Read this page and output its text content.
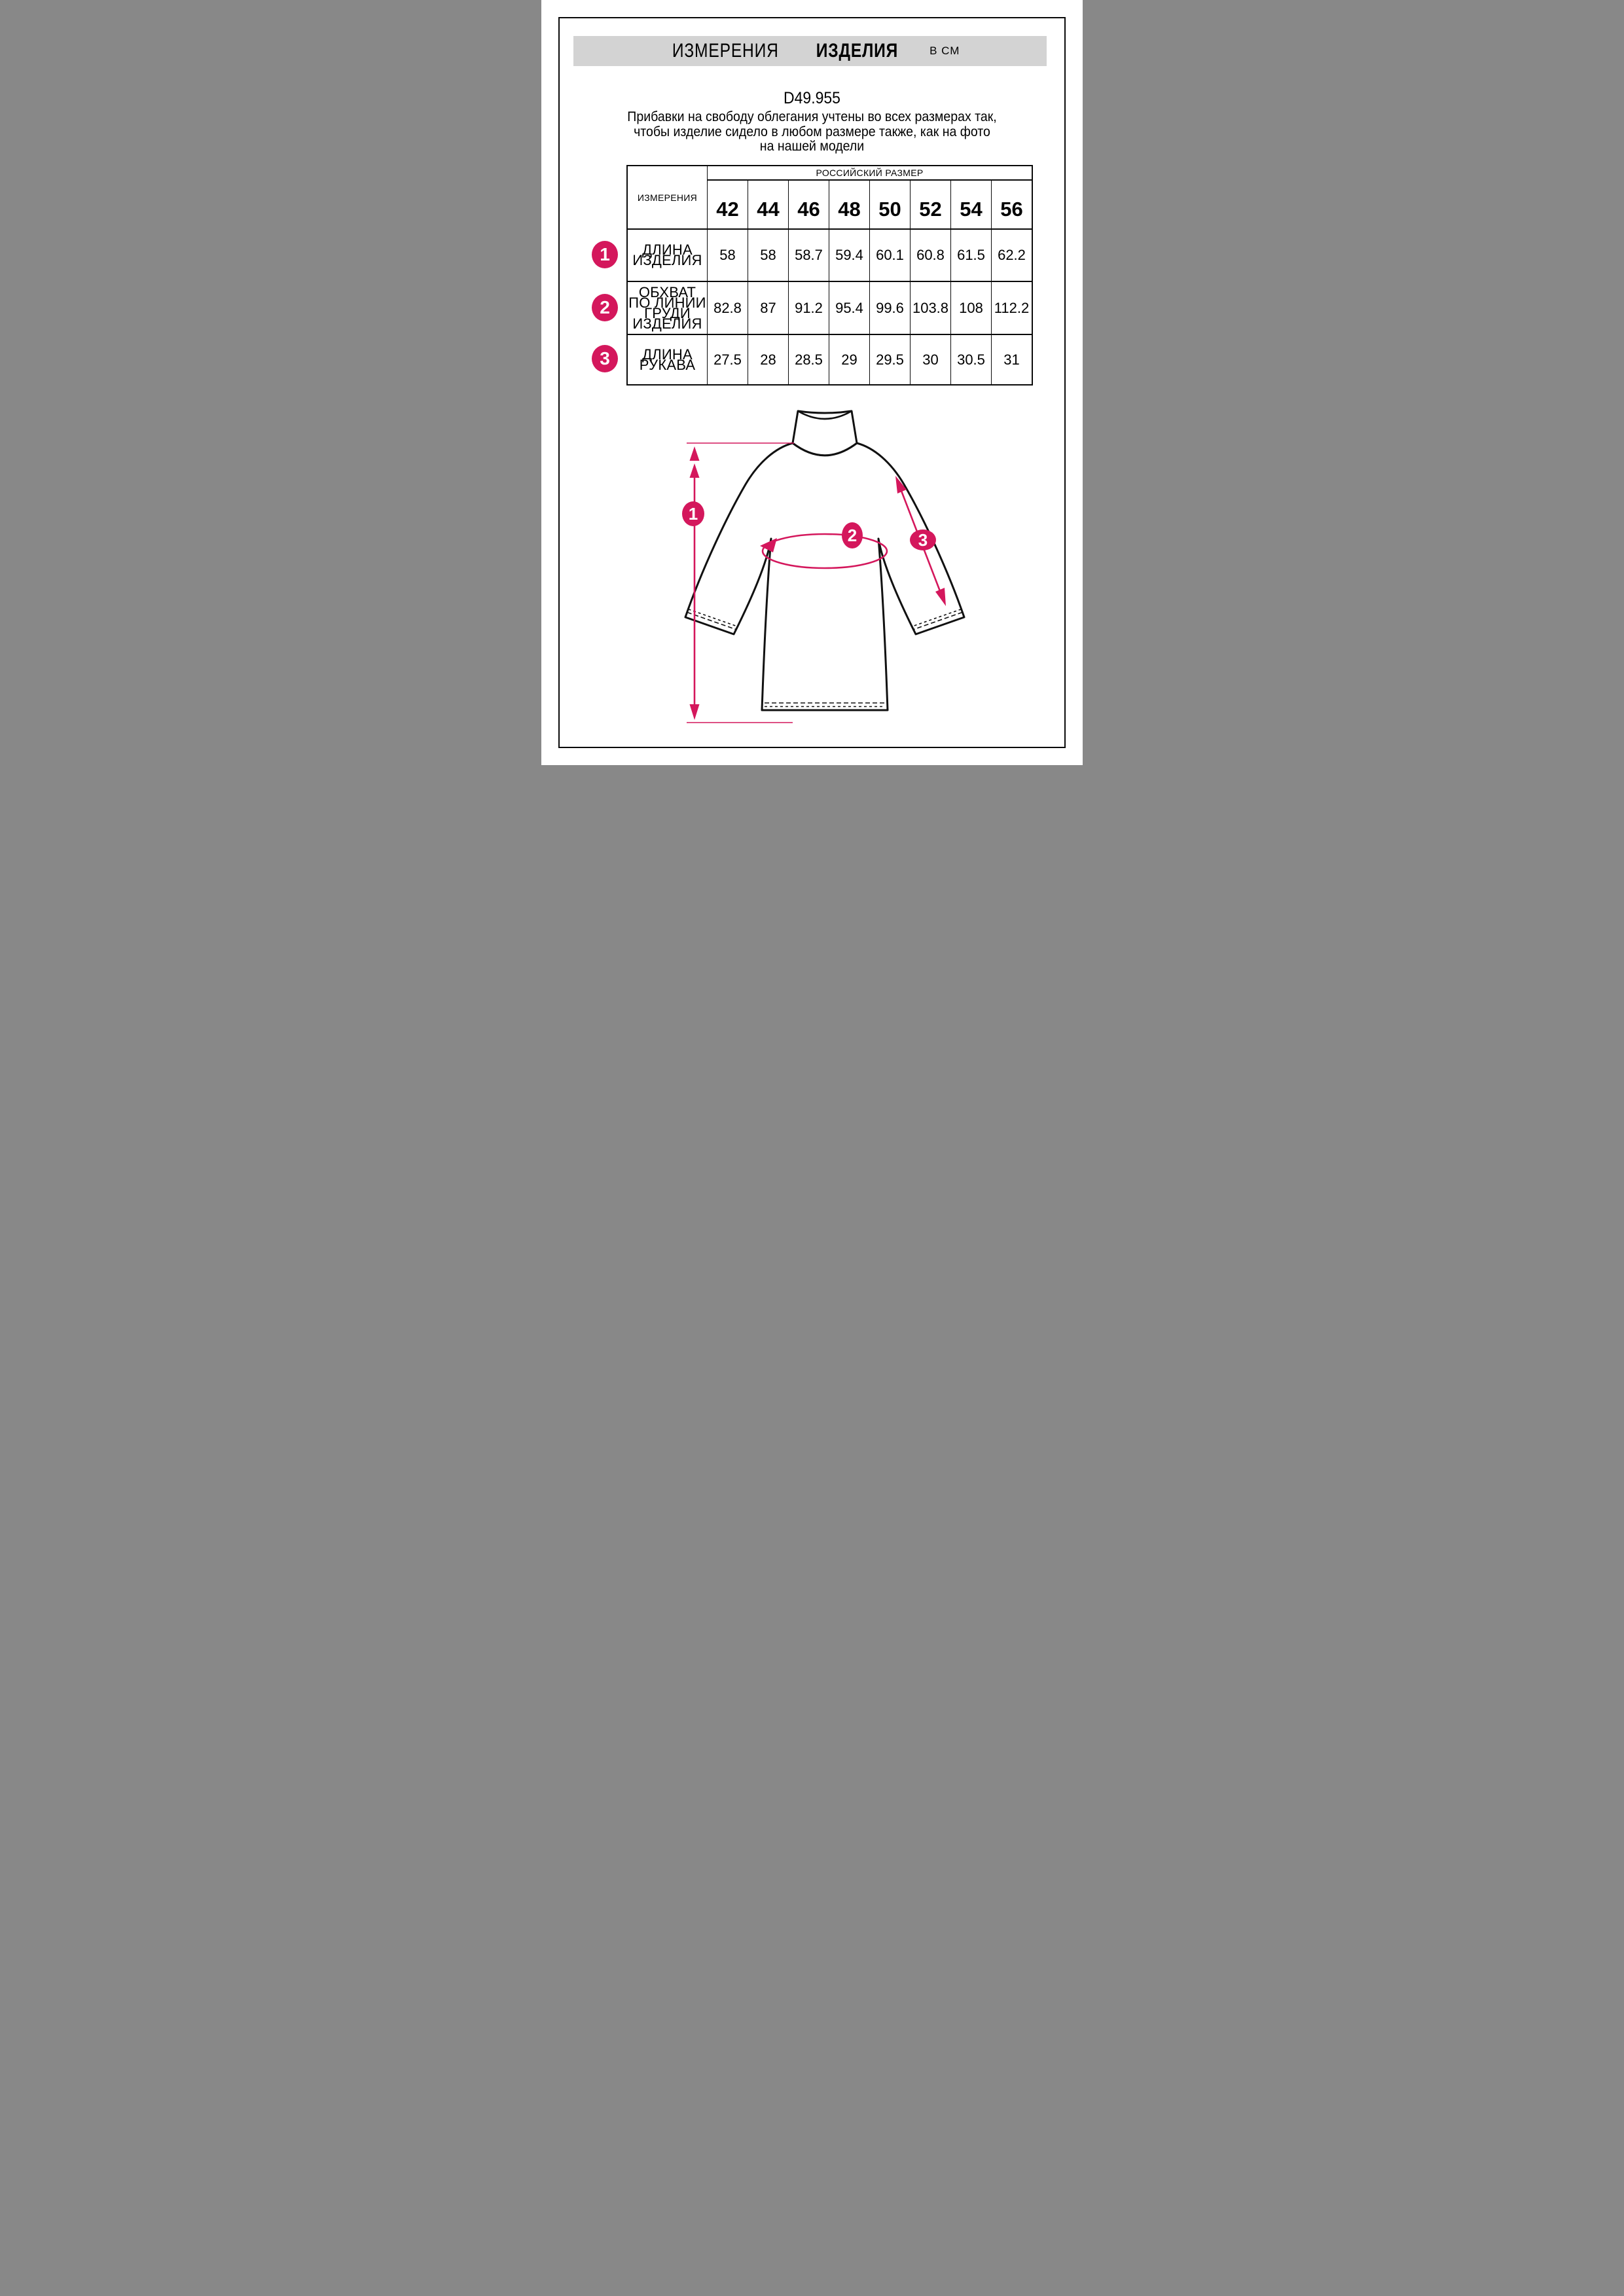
ИЗМЕРЕНИЯ ИЗДЕЛИЯ	В СМ
D49.955
Прибавки на свободу облегания учтены во всех размерах так,
чтобы изделие сидело в любом размере также, как на фото
на нашей модели
ИЗМЕРЕНИЯ	РОССИЙСКИЙ РАЗМЕР							
	42	44	46	48	50	52	54	56
ДЛИНА ИЗДЕЛИЯ	58	58	58.7	59.4	60.1	60.8	61.5	62.2
ОБХВАТ ПО ЛИНИИ ГРУДИ ИЗДЕЛИЯ	82.8	87	91.2	95.4	99.6	103.8	108	112.2
ДЛИНА РУКАВА	27.5	28	28.5	29	29.5	30	30.5	31
1
2
3
1
2	3
